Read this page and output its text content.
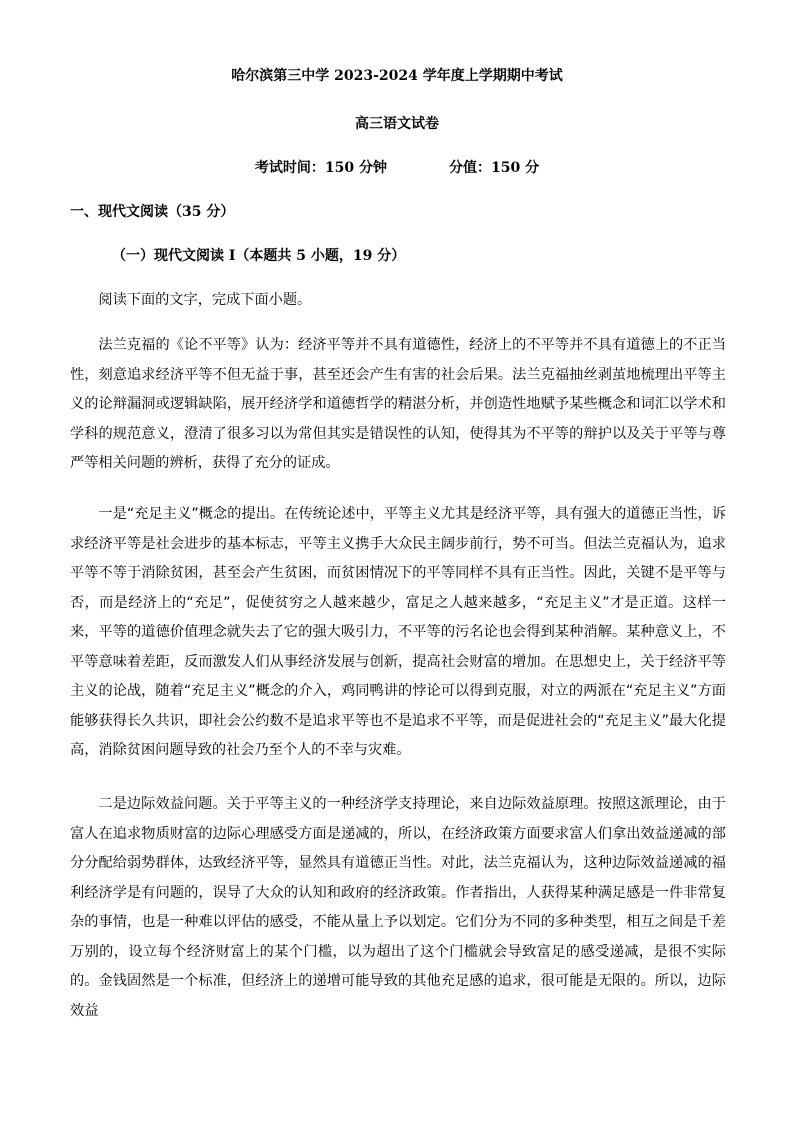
哈尔滨第三中学 2023-2024 学年度上学期期中考试
高三语文试卷
考试时间：150 分钟	分值：150 分
一、现代文阅读（35 分）
（一）现代文阅读 I（本题共 5 小题，19 分）
阅读下面的文字，完成下面小题。
法兰克福的《论不平等》认为：经济平等并不具有道德性，经济上的不平等并不具有道德上的不正当性，刻意追求经济平等不但无益于事，甚至还会产生有害的社会后果。法兰克福抽丝剥茧地梳理出平等主义的论辩漏洞或逻辑缺陷，展开经济学和道德哲学的精湛分析，并创造性地赋予某些概念和词汇以学术和学科的规范意义，澄清了很多习以为常但其实是错误性的认知，使得其为不平等的辩护以及关于平等与尊严等相关问题的辨析，获得了充分的证成。
一是“充足主义”概念的提出。在传统论述中，平等主义尤其是经济平等，具有强大的道德正当性，诉求经济平等是社会进步的基本标志，平等主义携手大众民主阔步前行，势不可当。但法兰克福认为，追求平等不等于消除贫困，甚至会产生贫困，而贫困情况下的平等同样不具有正当性。因此，关键不是平等与否，而是经济上的“充足”，促使贫穷之人越来越少，富足之人越来越多，“充足主义”才是正道。这样一来，平等的道德价值理念就失去了它的强大吸引力，不平等的污名论也会得到某种消解。某种意义上，不平等意味着差距，反而激发人们从事经济发展与创新，提高社会财富的增加。在思想史上，关于经济平等主义的论战，随着“充足主义”概念的介入，鸡同鸭讲的悖论可以得到克服，对立的两派在“充足主义”方面能够获得长久共识，即社会公约数不是追求平等也不是追求不平等，而是促进社会的“充足主义”最大化提高，消除贫困问题导致的社会乃至个人的不幸与灾难。
二是边际效益问题。关于平等主义的一种经济学支持理论，来自边际效益原理。按照这派理论，由于富人在追求物质财富的边际心理感受方面是递减的，所以，在经济政策方面要求富人们拿出效益递减的部分分配给弱势群体，达致经济平等，显然具有道德正当性。对此，法兰克福认为，这种边际效益递减的福利经济学是有问题的，误导了大众的认知和政府的经济政策。作者指出，人获得某种满足感是一件非常复杂的事情，也是一种难以评估的感受，不能从量上予以划定。它们分为不同的多种类型，相互之间是千差万别的，设立每个经济财富上的某个门槛，以为超出了这个门槛就会导致富足的感受递减，是很不实际的。金钱固然是一个标准，但经济上的递增可能导致的其他充足感的追求，很可能是无限的。所以，边际效益
